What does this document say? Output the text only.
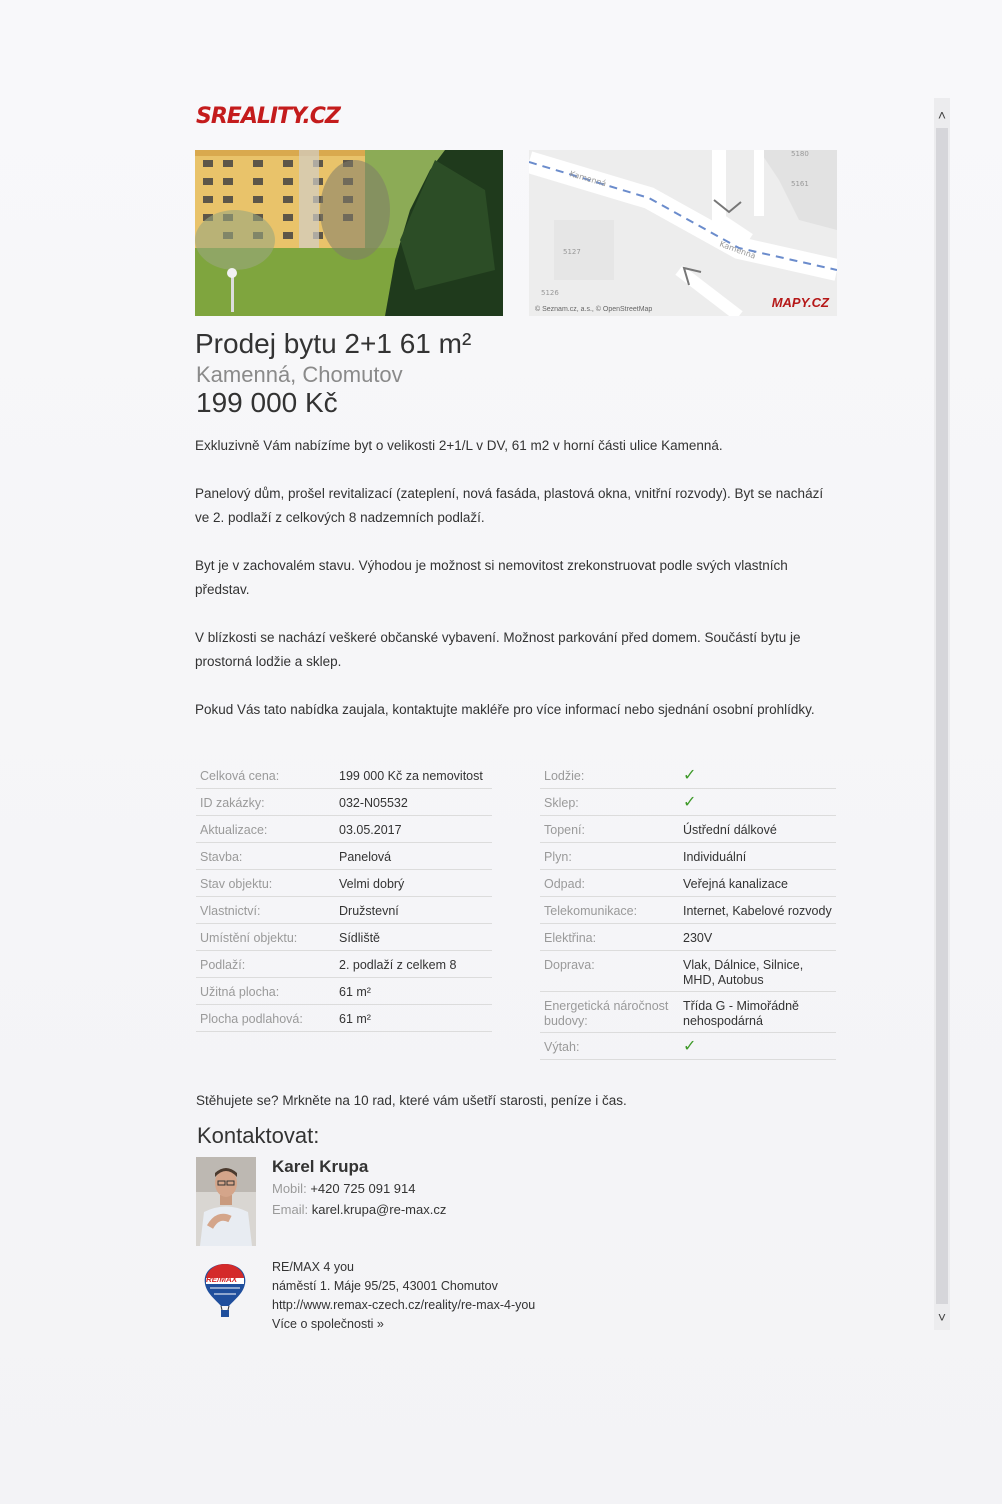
˄
˅
SREALITY.CZ
5161
5127
5126
5180
Kamenná
Kamenná
© Seznam.cz, a.s., © OpenStreetMap	MAPY.CZ
Prodej bytu 2+1 61 m²
Kamenná, Chomutov
199 000 Kč

Exkluzivně Vám nabízíme byt o velikosti 2+1/L v DV, 61 m2 v horní části ulice Kamenná.

Panelový dům, prošel revitalizací (zateplení, nová fasáda, plastová okna, vnitřní rozvody). Byt se nachází ve 2. podlaží z celkových 8 nadzemních podlaží.

Byt je v zachovalém stavu. Výhodou je možnost si nemovitost zrekonstruovat podle svých vlastních představ.

V blízkosti se nachází veškeré občanské vybavení. Možnost parkování před domem. Součástí bytu je prostorná lodžie a sklep.

Pokud Vás tato nabídka zaujala, kontaktujte makléře pro více informací nebo sjednání osobní prohlídky.

Celková cena:	199 000 Kč za nemovitost
ID zakázky:	032-N05532
Aktualizace:	03.05.2017
Stavba:	Panelová
Stav objektu:	Velmi dobrý
Vlastnictví:	Družstevní
Umístění objektu:	Sídliště
Podlaží:	2. podlaží z celkem 8
Užitná plocha:	61 m²
Plocha podlahová:	61 m²
Lodžie:	✓
Sklep:	✓
Topení:	Ústřední dálkové
Plyn:	Individuální
Odpad:	Veřejná kanalizace
Telekomunikace:	Internet, Kabelové rozvody
Elektřina:	230V
Doprava:	Vlak, Dálnice, Silnice, MHD, Autobus
Energetická náročnost budovy:
Třída G - Mimořádně nehospodárná
Výtah:	✓
Stěhujete se? Mrkněte na 10 rad, které vám ušetří starosti, peníze i čas.
Kontaktovat:
Karel Krupa
Mobil: +420 725 091 914
Email: karel.krupa@re-max.cz
RE/MAX
RE/MAX 4 you
náměstí 1. Máje 95/25, 43001 Chomutov
http://www.remax-czech.cz/reality/re-max-4-you
Více o společnosti »
